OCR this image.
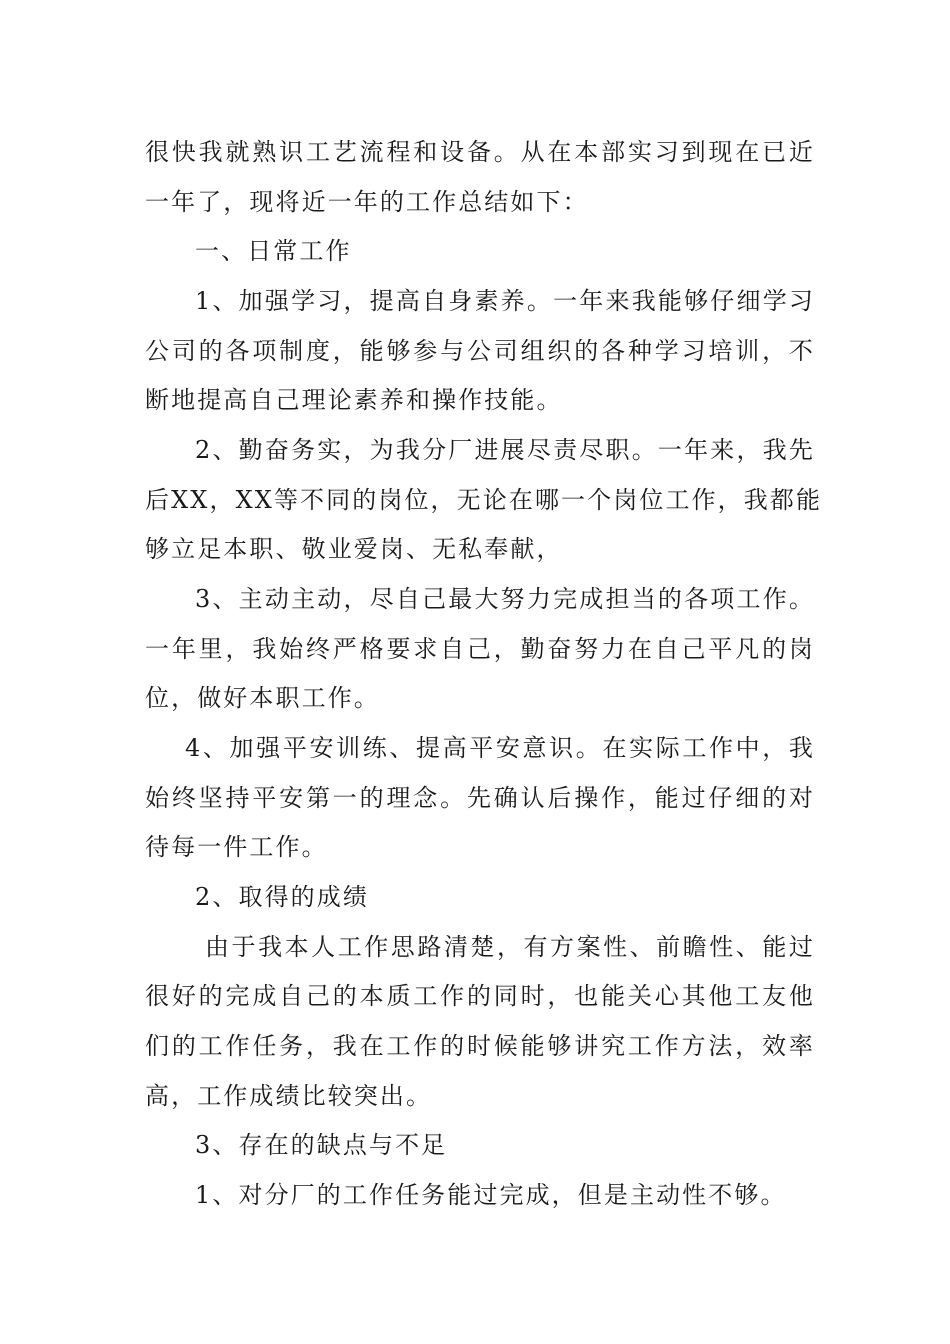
很快我就熟识工艺流程和设备。从在本部实习到现在已近
一年了，现将近一年的工作总结如下：
一、日常工作
1、加强学习，提高自身素养。一年来我能够仔细学习
公司的各项制度，能够参与公司组织的各种学习培训，不
断地提高自己理论素养和操作技能。
2、勤奋务实，为我分厂进展尽责尽职。一年来，我先
后XX，XX等不同的岗位，无论在哪一个岗位工作，我都能
够立足本职、敬业爱岗、无私奉献，
3、主动主动，尽自己最大努力完成担当的各项工作。
一年里，我始终严格要求自己，勤奋努力在自己平凡的岗
位，做好本职工作。
4、加强平安训练、提高平安意识。在实际工作中，我
始终坚持平安第一的理念。先确认后操作，能过仔细的对
待每一件工作。
2、取得的成绩
由于我本人工作思路清楚，有方案性、前瞻性、能过
很好的完成自己的本质工作的同时，也能关心其他工友他
们的工作任务，我在工作的时候能够讲究工作方法，效率
高，工作成绩比较突出。
3、存在的缺点与不足
1、对分厂的工作任务能过完成，但是主动性不够。
